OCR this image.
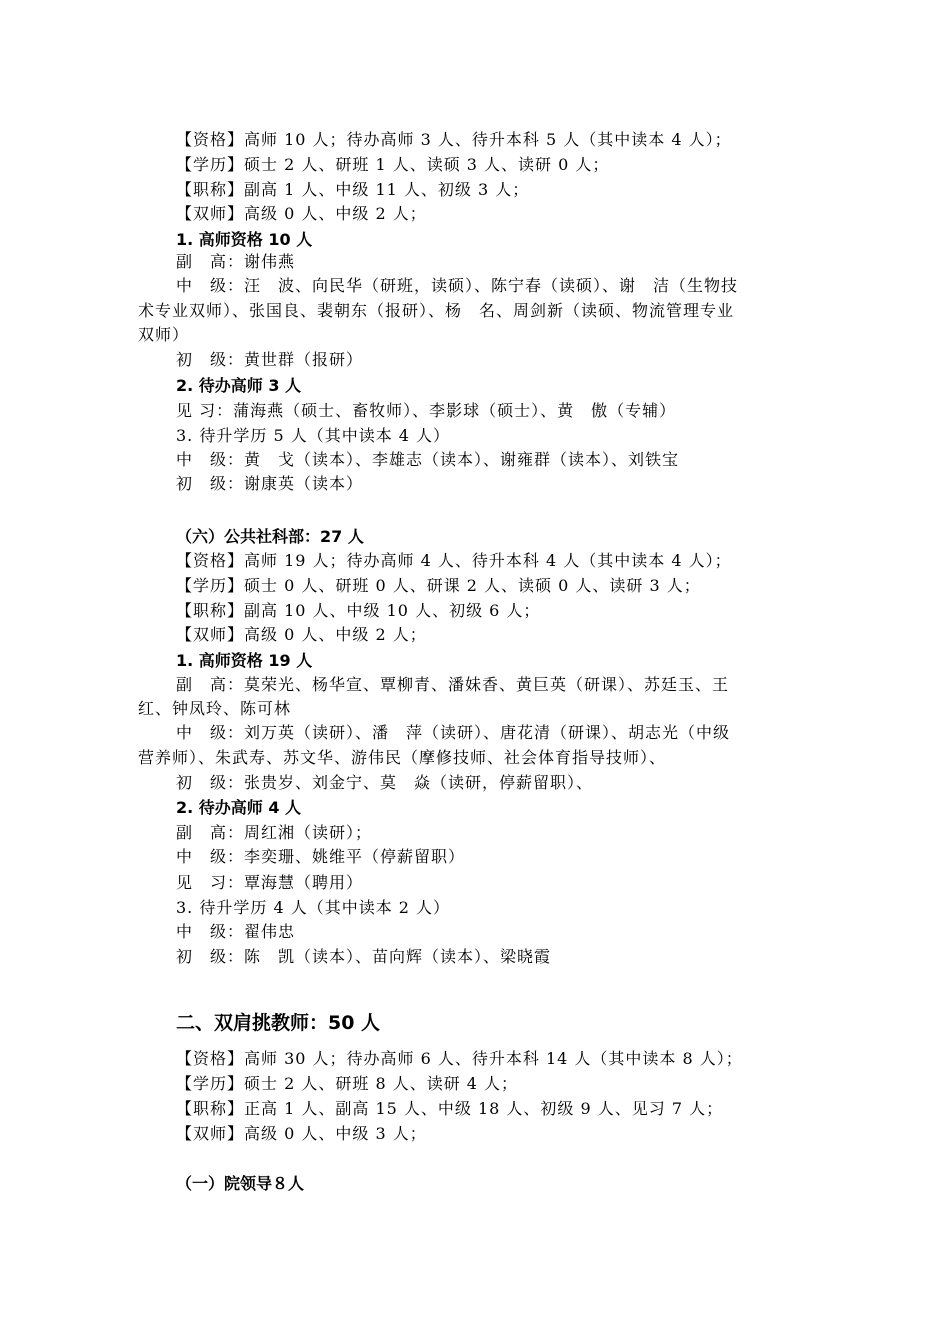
【资格】高师 10 人；待办高师 3 人、待升本科 5 人（其中读本 4 人）；
【学历】硕士 2 人、研班 1 人、读硕 3 人、读研 0 人；
【职称】副高 1 人、中级 11 人、初级 3 人；
【双师】高级 0 人、中级 2 人；
1. 高师资格 10 人
副　高：谢伟燕
中　级：汪　波、向民华（研班，读硕）、陈宁春（读硕）、谢　洁（生物技
术专业双师）、张国良、裴朝东（报研）、杨　名、周剑新（读硕、物流管理专业
双师）
初　级：黄世群（报研）
2. 待办高师 3 人
见 习：蒲海燕（硕士、畜牧师）、李影球（硕士）、黄　傲（专辅）
3. 待升学历 5 人（其中读本 4 人）
中　级：黄　戈（读本）、李雄志（读本）、谢雍群（读本）、刘铁宝
初　级：谢康英（读本）
（六）公共社科部：27 人
【资格】高师 19 人；待办高师 4 人、待升本科 4 人（其中读本 4 人）；
【学历】硕士 0 人、研班 0 人、研课 2 人、读硕 0 人、读研 3 人；
【职称】副高 10 人、中级 10 人、初级 6 人；
【双师】高级 0 人、中级 2 人；
1. 高师资格 19 人
副　高：莫荣光、杨华宣、覃柳青、潘妹香、黄巨英（研课）、苏廷玉、王
红、钟凤玲、陈可林
中　级：刘万英（读研）、潘　萍（读研）、唐花清（研课）、胡志光（中级
营养师）、朱武寿、苏文华、游伟民（摩修技师、社会体育指导技师）、
初　级：张贵岁、刘金宁、莫　焱（读研，停薪留职）、
2. 待办高师 4 人
副　高：周红湘（读研）；
中　级：李奕珊、姚维平（停薪留职）
见　习：覃海慧（聘用）
3. 待升学历 4 人（其中读本 2 人）
中　级：翟伟忠
初　级：陈　凯（读本）、苗向辉（读本）、梁晓霞
二、双肩挑教师：50 人
【资格】高师 30 人；待办高师 6 人、待升本科 14 人（其中读本 8 人）；
【学历】硕士 2 人、研班 8 人、读研 4 人；
【职称】正高 1 人、副高 15 人、中级 18 人、初级 9 人、见习 7 人；
【双师】高级 0 人、中级 3 人；
（一）院领导８人
